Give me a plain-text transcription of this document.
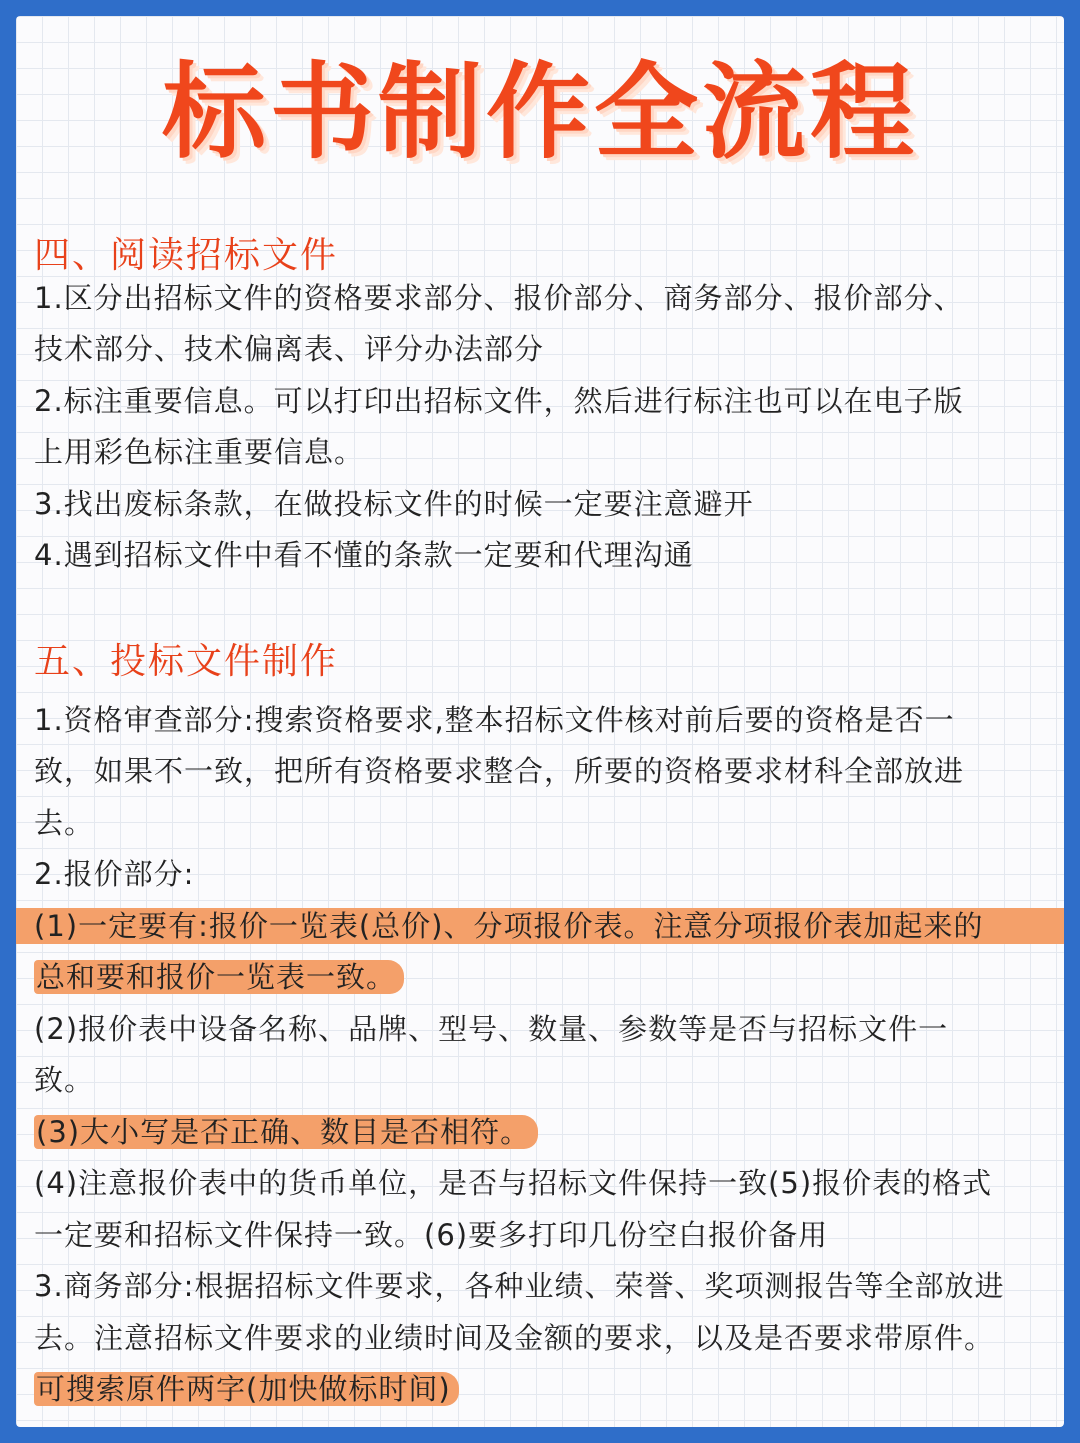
标书制作全流程
四、阅读招标文件
1.区分出招标文件的资格要求部分、报价部分、商务部分、报价部分、
技术部分、技术偏离表、评分办法部分
2.标注重要信息。可以打印出招标文件，然后进行标注也可以在电子版
上用彩色标注重要信息。
3.找出废标条款，在做投标文件的时候一定要注意避开
4.遇到招标文件中看不懂的条款一定要和代理沟通
五、投标文件制作
1.资格审查部分:搜索资格要求,整本招标文件核对前后要的资格是否一
致，如果不一致，把所有资格要求整合，所要的资格要求材科全部放进
去。
2.报价部分:
(1)一定要有:报价一览表(总价)、分项报价表。注意分项报价表加起来的
总和要和报价一览表一致。
(2)报价表中设备名称、品牌、型号、数量、参数等是否与招标文件一
致。
(3)大小写是否正确、数目是否相符。
(4)注意报价表中的货币单位，是否与招标文件保持一致(5)报价表的格式
一定要和招标文件保持一致。(6)要多打印几份空白报价备用
3.商务部分:根据招标文件要求，各种业绩、荣誉、奖项测报告等全部放进
去。注意招标文件要求的业绩时间及金额的要求，以及是否要求带原件。
可搜索原件两字(加快做标时间)
